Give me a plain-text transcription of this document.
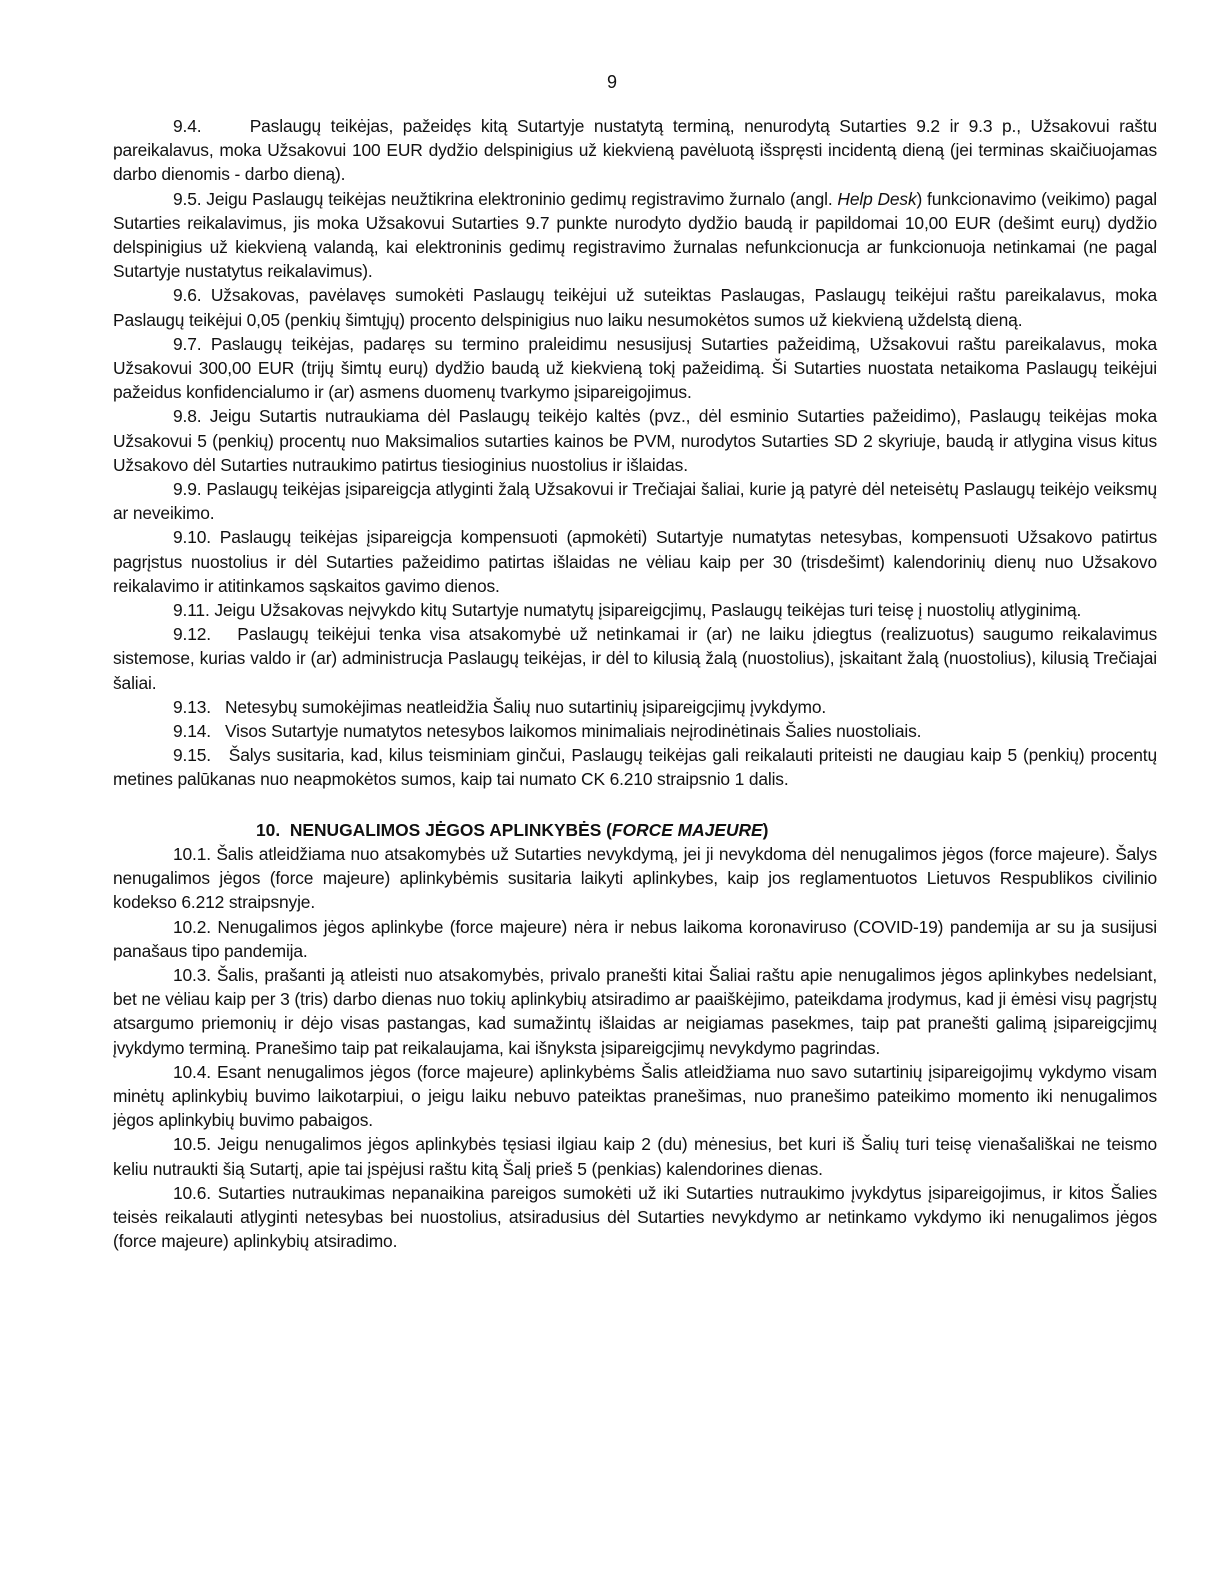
9

9.4.     Paslaugų teikėjas, pažeidęs kitą Sutartyje nustatytą terminą, nenurodytą Sutarties 9.2 ir 9.3 p., Užsakovui raštu pareikalavus, moka Užsakovui 100 EUR dydžio delspinigius už kiekvieną pavėluotą išspręsti incidentą dieną (jei terminas skaičiuojamas darbo dienomis - darbo dieną).

9.5. Jeigu Paslaugų teikėjas neužtikrina elektroninio gedimų registravimo žurnalo (angl. Help Desk) funkcionavimo (veikimo) pagal Sutarties reikalavimus, jis moka Užsakovui Sutarties 9.7 punkte nurodyto dydžio baudą ir papildomai 10,00 EUR (dešimt eurų) dydžio delspinigius už kiekvieną valandą, kai elektroninis gedimų registravimo žurnalas nefunkcionucja ar funkcionuoja netinkamai (ne pagal Sutartyje nustatytus reikalavimus).

9.6. Užsakovas, pavėlavęs sumokėti Paslaugų teikėjui už suteiktas Paslaugas, Paslaugų teikėjui raštu pareikalavus, moka Paslaugų teikėjui 0,05 (penkių šimtųjų) procento delspinigius nuo laiku nesumokėtos sumos už kiekvieną uždelstą dieną.

9.7. Paslaugų teikėjas, padaręs su termino praleidimu nesusijusį Sutarties pažeidimą, Užsakovui raštu pareikalavus, moka Užsakovui 300,00 EUR (trijų šimtų eurų) dydžio baudą už kiekvieną tokį pažeidimą. Ši Sutarties nuostata netaikoma Paslaugų teikėjui pažeidus konfidencialumo ir (ar) asmens duomenų tvarkymo įsipareigojimus.

9.8. Jeigu Sutartis nutraukiama dėl Paslaugų teikėjo kaltės (pvz., dėl esminio Sutarties pažeidimo), Paslaugų teikėjas moka Užsakovui 5 (penkių) procentų nuo Maksimalios sutarties kainos be PVM, nurodytos Sutarties SD 2 skyriuje, baudą ir atlygina visus kitus Užsakovo dėl Sutarties nutraukimo patirtus tiesioginius nuostolius ir išlaidas.

9.9. Paslaugų teikėjas įsipareigcja atlyginti žalą Užsakovui ir Trečiajai šaliai, kurie ją patyrė dėl neteisėtų Paslaugų teikėjo veiksmų ar neveikimo.

9.10. Paslaugų teikėjas įsipareigcja kompensuoti (apmokėti) Sutartyje numatytas netesybas, kompensuoti Užsakovo patirtus pagrįstus nuostolius ir dėl Sutarties pažeidimo patirtas išlaidas ne vėliau kaip per 30 (trisdešimt) kalendorinių dienų nuo Užsakovo reikalavimo ir atitinkamos sąskaitos gavimo dienos.

9.11. Jeigu Užsakovas neįvykdo kitų Sutartyje numatytų įsipareigcjimų, Paslaugų teikėjas turi teisę į nuostolių atlyginimą.

9.12.   Paslaugų teikėjui tenka visa atsakomybė už netinkamai ir (ar) ne laiku įdiegtus (realizuotus) saugumo reikalavimus sistemose, kurias valdo ir (ar) administrucja Paslaugų teikėjas, ir dėl to kilusią žalą (nuostolius), įskaitant žalą (nuostolius), kilusią Trečiajai šaliai.

9.13.   Netesybų sumokėjimas neatleidžia Šalių nuo sutartinių įsipareigcjimų įvykdymo.

9.14.   Visos Sutartyje numatytos netesybos laikomos minimaliais neįrodinėtinais Šalies nuostoliais.

9.15.   Šalys susitaria, kad, kilus teisminiam ginčui, Paslaugų teikėjas gali reikalauti priteisti ne daugiau kaip 5 (penkių) procentų metines palūkanas nuo neapmokėtos sumos, kaip tai numato CK 6.210 straipsnio 1 dalis.

10.  NENUGALIMOS JĖGOS APLINKYBĖS (FORCE MAJEURE)

10.1. Šalis atleidžiama nuo atsakomybės už Sutarties nevykdymą, jei ji nevykdoma dėl nenugalimos jėgos (force majeure). Šalys nenugalimos jėgos (force majeure) aplinkybėmis susitaria laikyti aplinkybes, kaip jos reglamentuotos Lietuvos Respublikos civilinio kodekso 6.212 straipsnyje.

10.2. Nenugalimos jėgos aplinkybe (force majeure) nėra ir nebus laikoma koronaviruso (COVID-19) pandemija ar su ja susijusi panašaus tipo pandemija.

10.3. Šalis, prašanti ją atleisti nuo atsakomybės, privalo pranešti kitai Šaliai raštu apie nenugalimos jėgos aplinkybes nedelsiant, bet ne vėliau kaip per 3 (tris) darbo dienas nuo tokių aplinkybių atsiradimo ar paaiškėjimo, pateikdama įrodymus, kad ji ėmėsi visų pagrįstų atsargumo priemonių ir dėjo visas pastangas, kad sumažintų išlaidas ar neigiamas pasekmes, taip pat pranešti galimą įsipareigcjimų įvykdymo terminą. Pranešimo taip pat reikalaujama, kai išnyksta įsipareigcjimų nevykdymo pagrindas.

10.4. Esant nenugalimos jėgos (force majeure) aplinkybėms Šalis atleidžiama nuo savo sutartinių įsipareigojimų vykdymo visam minėtų aplinkybių buvimo laikotarpiui, o jeigu laiku nebuvo pateiktas pranešimas, nuo pranešimo pateikimo momento iki nenugalimos jėgos aplinkybių buvimo pabaigos.

10.5. Jeigu nenugalimos jėgos aplinkybės tęsiasi ilgiau kaip 2 (du) mėnesius, bet kuri iš Šalių turi teisę vienašališkai ne teismo keliu nutraukti šią Sutartį, apie tai įspėjusi raštu kitą Šalį prieš 5 (penkias) kalendorines dienas.

10.6. Sutarties nutraukimas nepanaikina pareigos sumokėti už iki Sutarties nutraukimo įvykdytus įsipareigojimus, ir kitos Šalies teisės reikalauti atlyginti netesybas bei nuostolius, atsiradusius dėl Sutarties nevykdymo ar netinkamo vykdymo iki nenugalimos jėgos (force majeure) aplinkybių atsiradimo.
